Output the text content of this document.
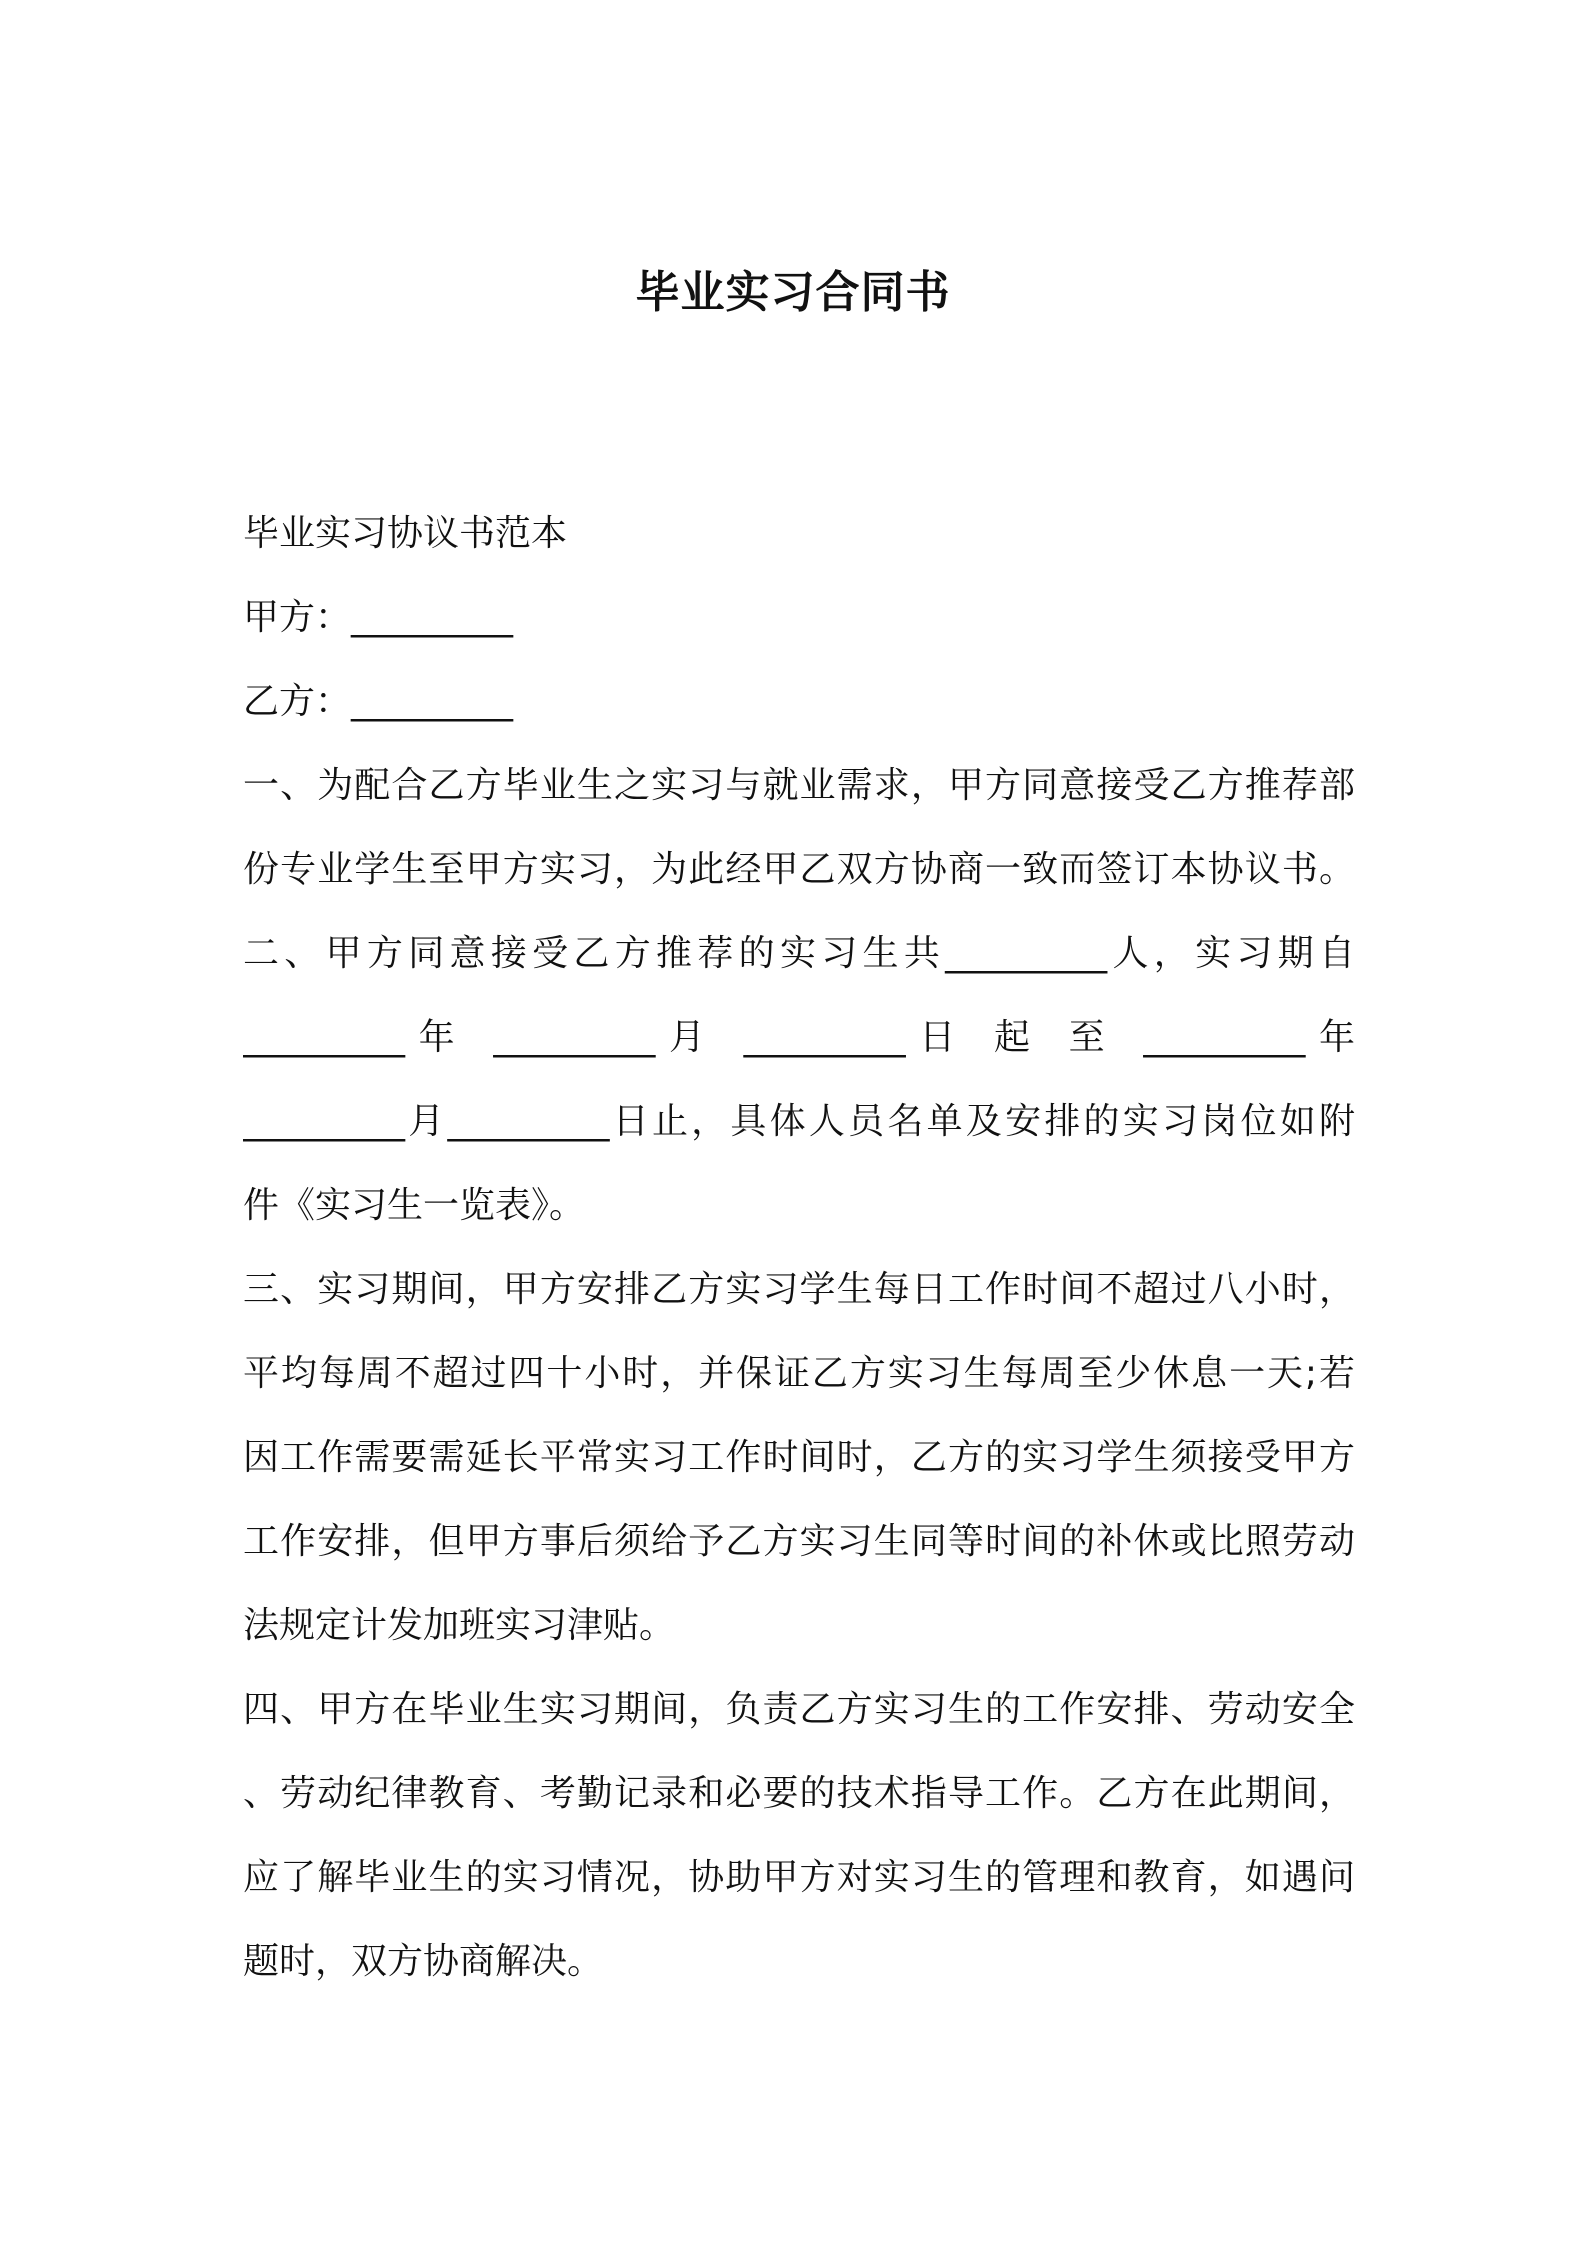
毕业实习合同书
毕业实习协议书范本
甲方：_________
乙方：_________
一、为配合乙方毕业生之实习与就业需求，甲方同意接受乙方推荐部
份专业学生至甲方实习，为此经甲乙双方协商一致而签订本协议书。
二、甲方同意接受乙方推荐的实习生共_________人，实习期自
_________年 _________月 _________日 起 至 _________年
_________月_________日止，具体人员名单及安排的实习岗位如附
件《实习生一览表》。
三、实习期间，甲方安排乙方实习学生每日工作时间不超过八小时，
平均每周不超过四十小时，并保证乙方实习生每周至少休息一天;若
因工作需要需延长平常实习工作时间时，乙方的实习学生须接受甲方
工作安排，但甲方事后须给予乙方实习生同等时间的补休或比照劳动
法规定计发加班实习津贴。
四、甲方在毕业生实习期间，负责乙方实习生的工作安排、劳动安全
、劳动纪律教育、考勤记录和必要的技术指导工作。乙方在此期间，
应了解毕业生的实习情况，协助甲方对实习生的管理和教育，如遇问
题时，双方协商解决。
